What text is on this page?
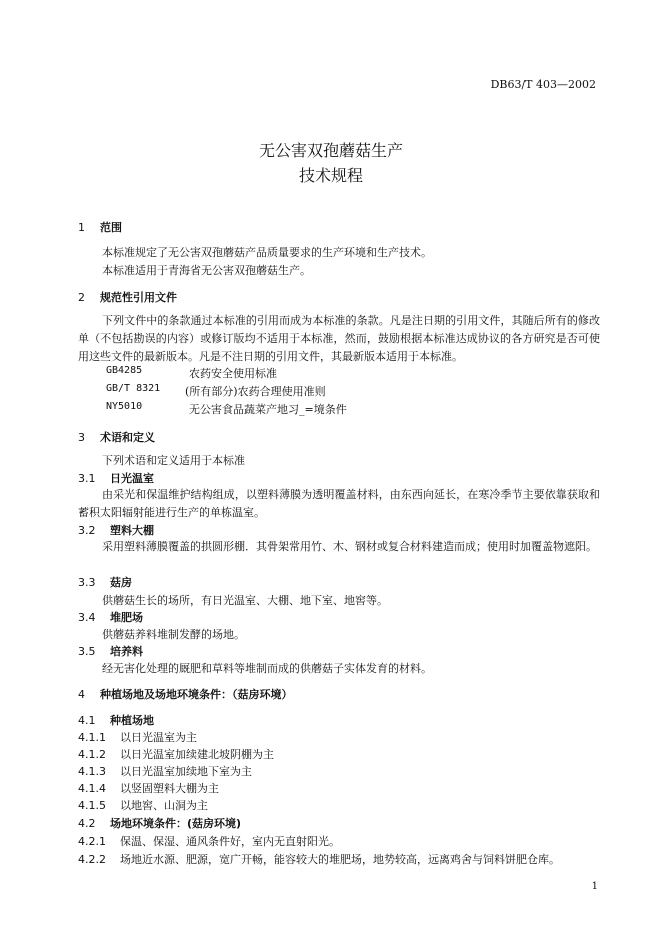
DB63/T 403—2002
无公害双孢蘑菇生产
技术规程
1 范围
本标准规定了无公害双孢蘑菇产品质量要求的生产环境和生产技术。
本标准适用于青海省无公害双孢蘑菇生产。
2 规范性引用文件
下列文件中的条款通过本标准的引用而成为本标准的条款。凡是注日期的引用文件，其随后所有的修改单（不包括勘误的内容）或修订版均不适用于本标准，然而，鼓励根据本标准达成协议的各方研究是否可使用这些文件的最新版本。凡是不注日期的引用文件，其最新版本适用于本标准。
GB4285	农药安全使用标准
GB/T 8321 (所有部分)农药合理使用准则
NY5010	无公害食品蔬菜产地习_=境条件
3 术语和定义
下列术语和定义适用于本标准
3.1 日光温室
由采光和保温维护结构组成，以塑料薄膜为透明覆盖材料，由东西向延长，在寒冷季节主要依靠获取和蓄积太阳辐射能进行生产的单栋温室。
3.2 塑料大棚
采用塑料薄膜覆盖的拱圆形棚．其骨架常用竹、木、钢材或复合材料建造而成；使用时加覆盖物遮阳。
3.3 菇房
供蘑菇生长的场所，有日光温室、大棚、地下室、地窖等。
3.4 堆肥场
供蘑菇养料堆制发酵的场地。
3.5 培养料
经无害化处理的厩肥和草料等堆制而成的供蘑菇子实体发育的材料。
4 种植场地及场地环境条件：（菇房环境）
4.1 种植场地
4.1.1 以日光温室为主
4.1.2 以日光温室加续建北坡阴棚为主
4.1.3 以日光温室加续地下室为主
4.1.4 以竖固塑料大棚为主
4.1.5 以地窖、山洞为主
4.2 场地环境条件：(菇房环境)
4.2.1 保温、保湿、通风条件好，室内无直射阳光。
4.2.2 场地近水源、肥源，宽广开畅，能容较大的堆肥场，地势较高，远离鸡舍与饲料饼肥仓库。
1
